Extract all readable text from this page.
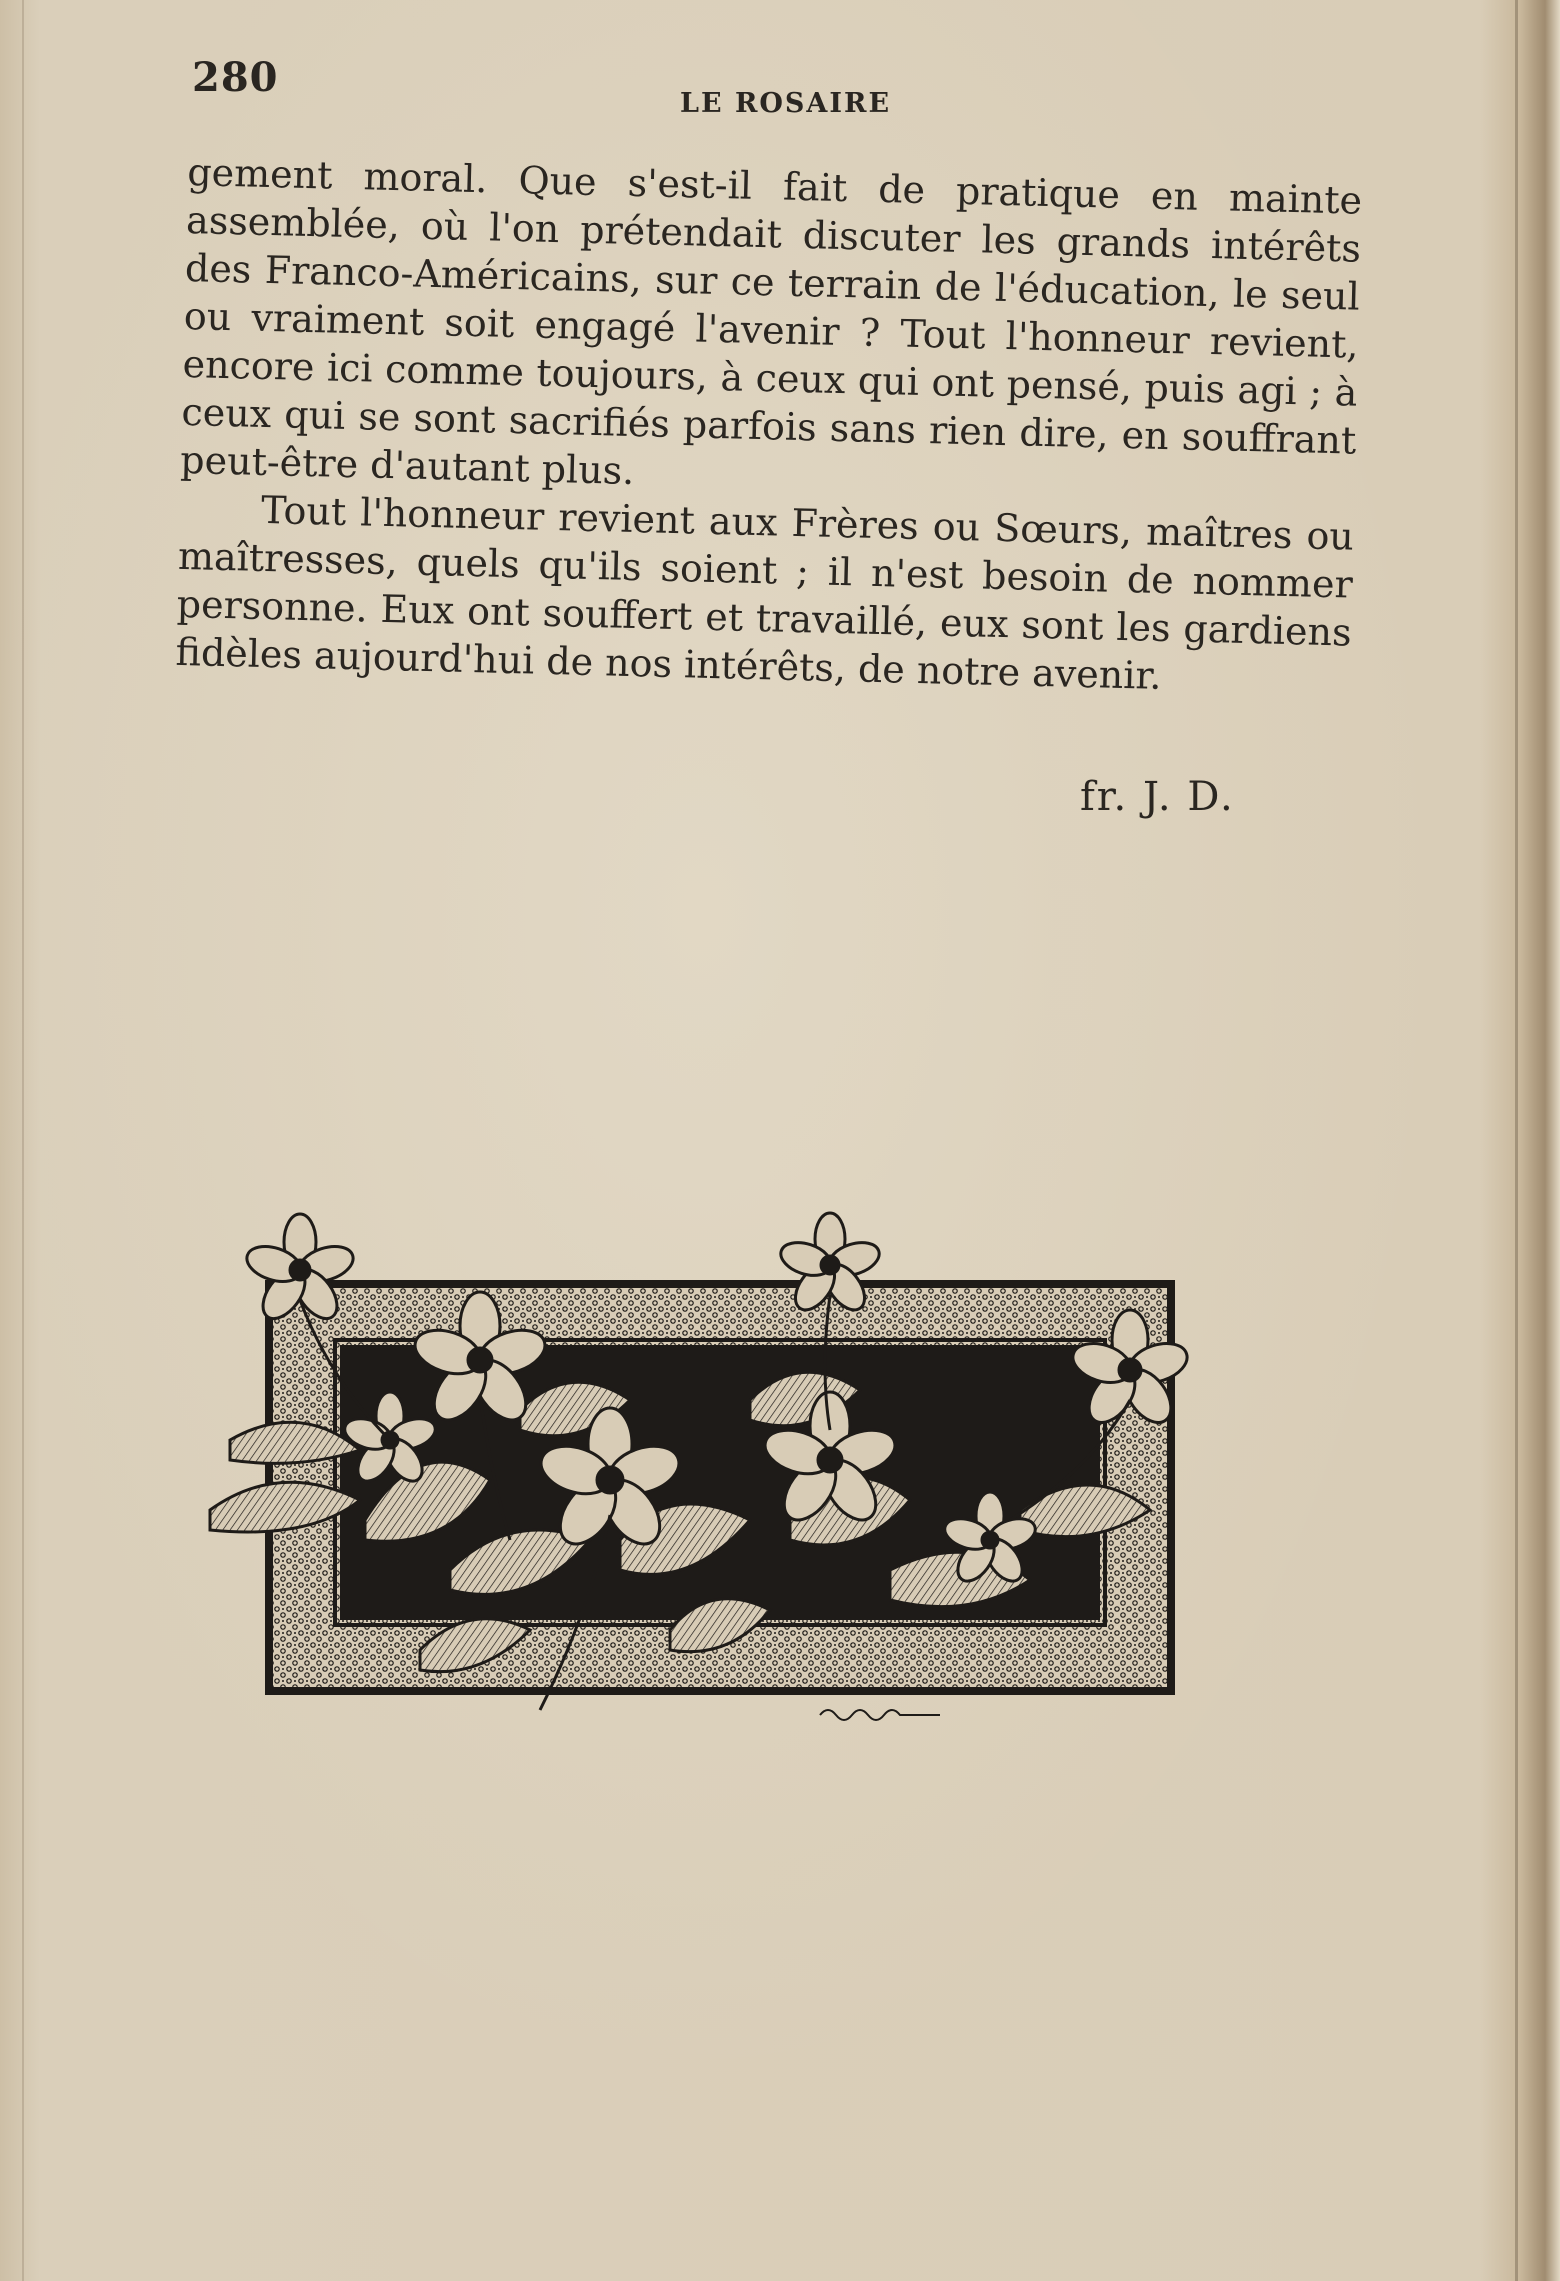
280
LE ROSAIRE

gement moral. Que s'est-il fait de pratique en mainte assemblée, où l'on prétendait discuter les grands intérêts des Franco-Américains, sur ce terrain de l'éducation, le seul ou vraiment soit engagé l'avenir ? Tout l'honneur revient, encore ici comme toujours, à ceux qui ont pensé, puis agi ; à ceux qui se sont sacrifiés parfois sans rien dire, en souffrant peut-être d'autant plus.

Tout l'honneur revient aux Frères ou Sœurs, maîtres ou maîtresses, quels qu'ils soient ; il n'est besoin de nommer personne. Eux ont souffert et travaillé, eux sont les gardiens fidèles aujourd'hui de nos intérêts, de notre avenir.

fr. J. D.
